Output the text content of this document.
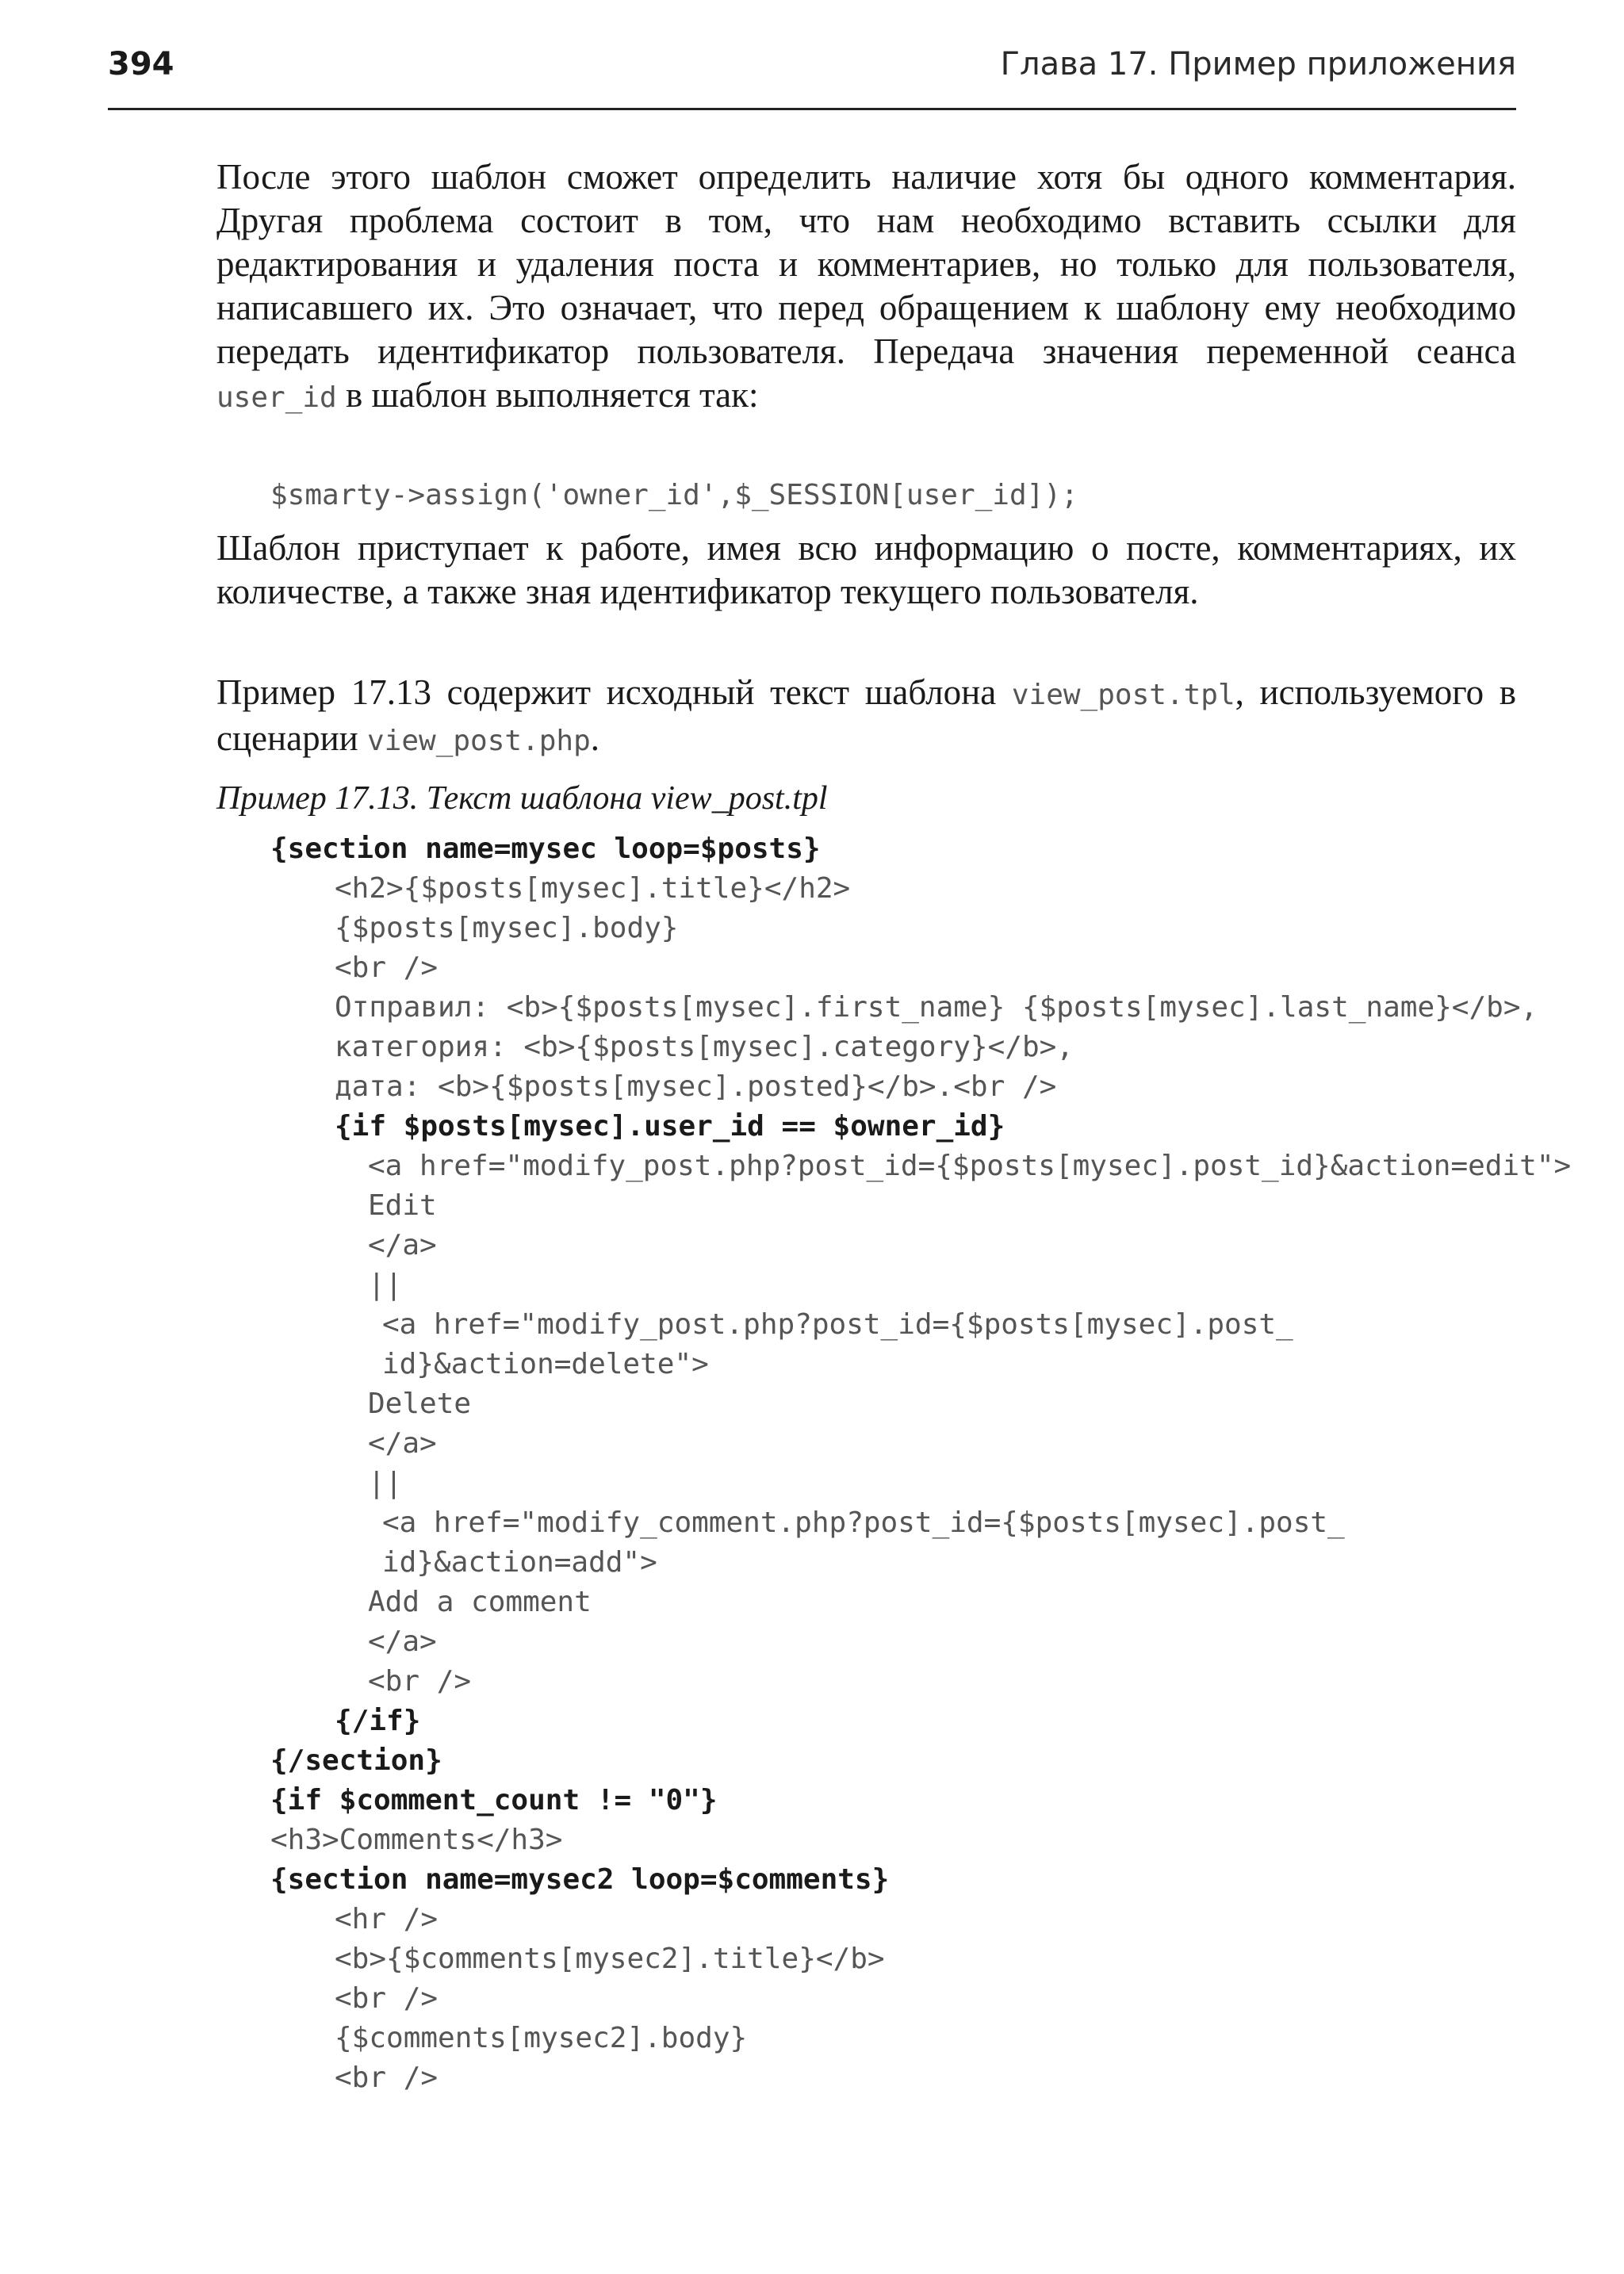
394	Глава 17. Пример приложения

После этого шаблон сможет определить наличие хотя бы одного комментария. Другая проблема состоит в том, что нам необходимо вставить ссылки для редактирования и удаления поста и комментариев, но только для пользователя, написавшего их. Это означает, что перед обращением к шаблону ему необходимо передать идентификатор пользователя. Передача значения переменной сеанса user_id в шаблон выполняется так:

$smarty->assign('owner_id',$_SESSION[user_id]);

Шаблон приступает к работе, имея всю информацию о посте, комментариях, их количестве, а также зная идентификатор текущего пользователя.

Пример 17.13 содержит исходный текст шаблона view_post.tpl, используемого в сценарии view_post.php.

Пример 17.13. Текст шаблона view_post.tpl
{section name=mysec loop=$posts}
<h2>{$posts[mysec].title}</h2>
{$posts[mysec].body}
<br />
Отправил: <b>{$posts[mysec].first_name} {$posts[mysec].last_name}</b>,
категория: <b>{$posts[mysec].category}</b>,
дата: <b>{$posts[mysec].posted}</b>.<br />
{if $posts[mysec].user_id == $owner_id}
<a href="modify_post.php?post_id={$posts[mysec].post_id}&action=edit">
Edit
</a>
||
<a href="modify_post.php?post_id={$posts[mysec].post_
id}&action=delete">
Delete
</a>
||
<a href="modify_comment.php?post_id={$posts[mysec].post_
id}&action=add">
Add a comment
</a>
<br />
{/if}
{/section}
{if $comment_count != "0"}
<h3>Comments</h3>
{section name=mysec2 loop=$comments}
<hr />
<b>{$comments[mysec2].title}</b>
<br />
{$comments[mysec2].body}
<br />
